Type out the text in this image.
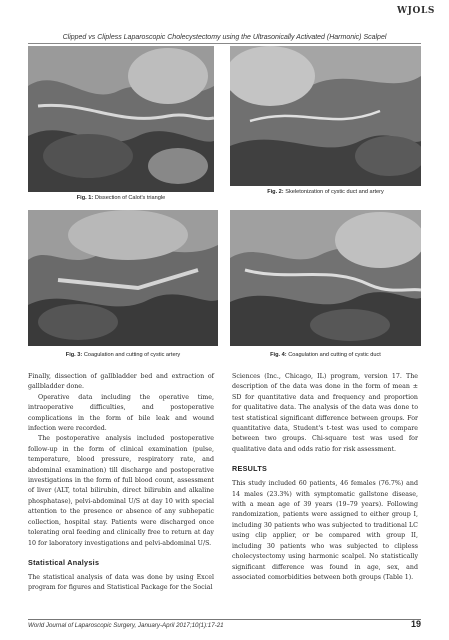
WJOLS
Clipped vs Clipless Laparoscopic Cholecystectomy using the Ultrasonically Activated (Harmonic) Scalpel
Fig. 1: Dissection of Calot's triangle
Fig. 2: Skeletonization of cystic duct and artery
Fig. 3: Coagulation and cutting of cystic artery	Fig. 4: Coagulation and cutting of cystic duct

Finally, dissection of gallbladder bed and extraction of gallbladder done.

Operative data including the operative time, intraoperative difficulties, and postoperative complications in the form of bile leak and wound infection were recorded.

The postoperative analysis included postoperative follow-up in the form of clinical examination (pulse, temperature, blood pressure, respiratory rate, and abdominal examination) till discharge and postoperative investigations in the form of full blood count, assessment of liver (ALT, total bilirubin, direct bilirubin and alkaline phosphatase), pelvi-abdominal U/S at day 10 with special attention to the presence or absence of any subhepatic collection, hospital stay. Patients were discharged once tolerating oral feeding and clinically free to return at day 10 for laboratory investigations and pelvi-abdominal U/S.

Statistical Analysis

The statistical analysis of data was done by using Excel program for figures and Statistical Package for the Social

Sciences (Inc., Chicago, IL) program, version 17. The description of the data was done in the form of mean ± SD for quantitative data and frequency and proportion for qualitative data. The analysis of the data was done to test statistical significant difference between groups. For quantitative data, Student's t-test was used to compare between two groups. Chi-square test was used for qualitative data and odds ratio for risk assessment.

RESULTS

This study included 60 patients, 46 females (76.7%) and 14 males (23.3%) with symptomatic gallstone disease, with a mean age of 39 years (19–79 years). Following randomization, patients were assigned to either group I, including 30 patients who was subjected to traditional LC using clip applier, or be compared with group II, including 30 patients who was subjected to clipless cholecystectomy using harmonic scalpel. No statistically significant difference was found in age, sex, and associated comorbidities between both groups (Table 1).

World Journal of Laparoscopic Surgery, January-April 2017;10(1):17-21	19
